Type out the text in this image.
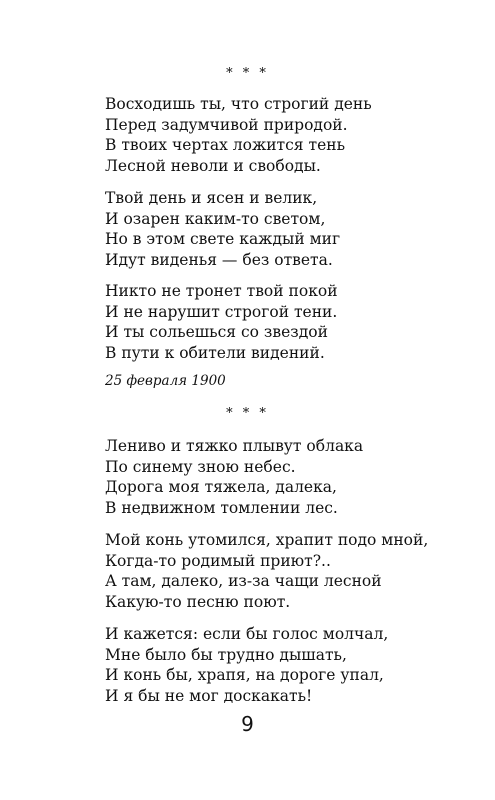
* * *
Восходишь ты, что строгий день
Перед задумчивой природой.
В твоих чертах ложится тень
Лесной неволи и свободы.
Твой день и ясен и велик,
И озарен каким-то светом,
Но в этом свете каждый миг
Идут виденья — без ответа.
Никто не тронет твой покой
И не нарушит строгой тени.
И ты сольешься со звездой
В пути к обители видений.
25 февраля 1900
* * *
Лениво и тяжко плывут облака
По синему зною небес.
Дорога моя тяжела, далека,
В недвижном томлении лес.
Мой конь утомился, храпит подо мной,
Когда-то родимый приют?..
А там, далеко, из-за чащи лесной
Какую-то песню поют.
И кажется: если бы голос молчал,
Мне было бы трудно дышать,
И конь бы, храпя, на дороге упал,
И я бы не мог доскакать!
9
